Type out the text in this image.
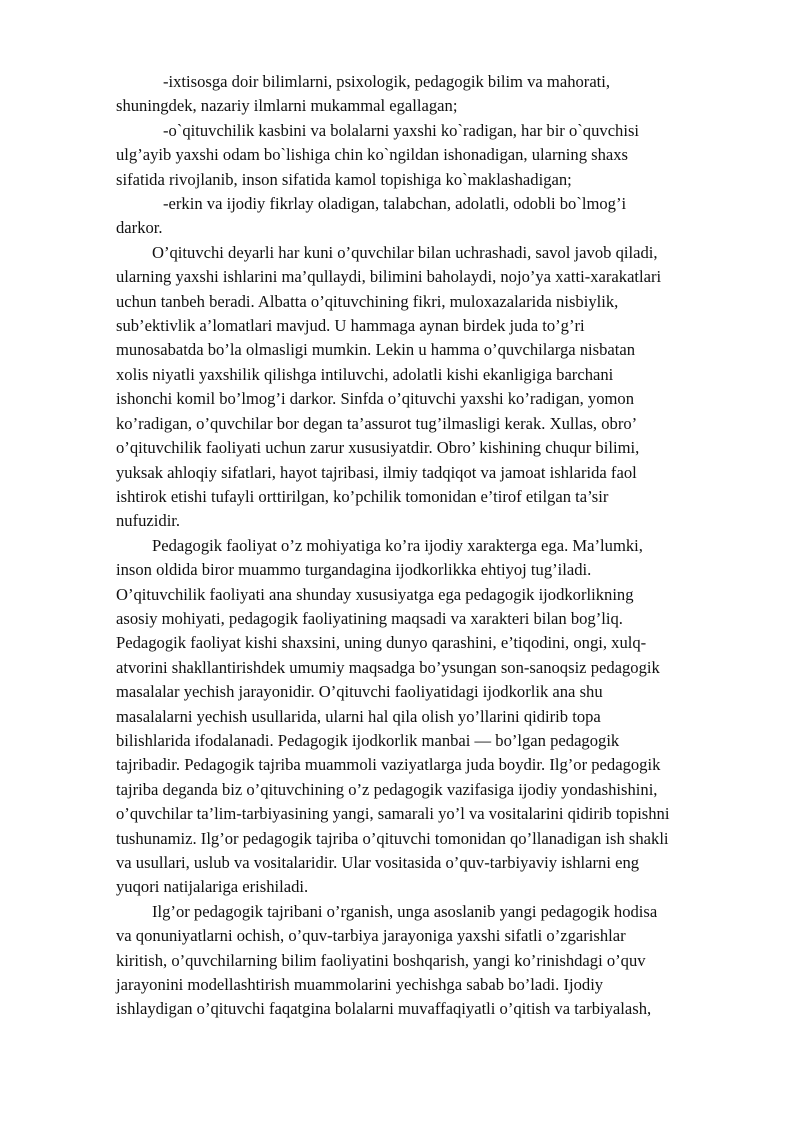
-ixtisosga doir bilimlarni, psixologik, pedagogik bilim va mahorati,
shuningdek, nazariy ilmlarni mukammal egallagan;
-o`qituvchilik kasbini va bolalarni yaxshi ko`radigan, har bir o`quvchisi
ulg’ayib yaxshi odam bo`lishiga chin ko`ngildan ishonadigan, ularning shaxs
sifatida rivojlanib, inson sifatida kamol topishiga ko`maklashadigan;
-erkin va ijodiy fikrlay oladigan, talabchan, adolatli, odobli bo`lmog’i
darkor.
O’qituvchi deyarli har kuni o’quvchilar bilan uchrashadi, savol javob qiladi,
ularning yaxshi ishlarini ma’qullaydi, bilimini baholaydi, nojo’ya xatti-xarakatlari
uchun tanbeh beradi. Albatta o’qituvchining fikri, muloxazalarida nisbiylik,
sub’ektivlik a’lomatlari mavjud. U hammaga aynan birdek juda to’g’ri
munosabatda bo’la olmasligi mumkin. Lekin u hamma o’quvchilarga nisbatan
xolis niyatli yaxshilik qilishga intiluvchi, adolatli kishi ekanligiga barchani
ishonchi komil bo’lmog’i darkor. Sinfda o’qituvchi yaxshi ko’radigan, yomon
ko’radigan, o’quvchilar bor degan ta’assurot tug’ilmasligi kerak. Xullas, obro’
o’qituvchilik faoliyati uchun zarur xususiyatdir. Obro’ kishining chuqur bilimi,
yuksak ahloqiy sifatlari, hayot tajribasi, ilmiy tadqiqot va jamoat ishlarida faol
ishtirok etishi tufayli orttirilgan, ko’pchilik tomonidan e’tirof etilgan ta’sir
nufuzidir.
Pedagogik faoliyat o’z mohiyatiga ko’ra ijodiy xarakterga ega. Ma’lumki,
inson oldida biror muammo turgandagina ijodkorlikka ehtiyoj tug’iladi.
O’qituvchilik faoliyati ana shunday xususiyatga ega pedagogik ijodkorlikning
asosiy mohiyati, pedagogik faoliyatining maqsadi va xarakteri bilan bog’liq.
Pedagogik faoliyat kishi shaxsini, uning dunyo qarashini, e’tiqodini, ongi, xulq-
atvorini shakllantirishdek umumiy maqsadga bo’ysungan son-sanoqsiz pedagogik
masalalar yechish jarayonidir. O’qituvchi faoliyatidagi ijodkorlik ana shu
masalalarni yechish usullarida, ularni hal qila olish yo’llarini qidirib topa
bilishlarida ifodalanadi. Pedagogik ijodkorlik manbai — bo’lgan pedagogik
tajribadir. Pedagogik tajriba muammoli vaziyatlarga juda boydir. Ilg’or pedagogik
tajriba deganda biz o’qituvchining o’z pedagogik vazifasiga ijodiy yondashishini,
o’quvchilar ta’lim-tarbiyasining yangi, samarali yo’l va vositalarini qidirib topishni
tushunamiz. Ilg’or pedagogik tajriba o’qituvchi tomonidan qo’llanadigan ish shakli
va usullari, uslub va vositalaridir. Ular vositasida o’quv-tarbiyaviy ishlarni eng
yuqori natijalariga erishiladi.
Ilg’or pedagogik tajribani o’rganish, unga asoslanib yangi pedagogik hodisa
va qonuniyatlarni ochish, o’quv-tarbiya jarayoniga yaxshi sifatli o’zgarishlar
kiritish, o’quvchilarning bilim faoliyatini boshqarish, yangi ko’rinishdagi o’quv
jarayonini modellashtirish muammolarini yechishga sabab bo’ladi. Ijodiy
ishlaydigan o’qituvchi faqatgina bolalarni muvaffaqiyatli o’qitish va tarbiyalash,
